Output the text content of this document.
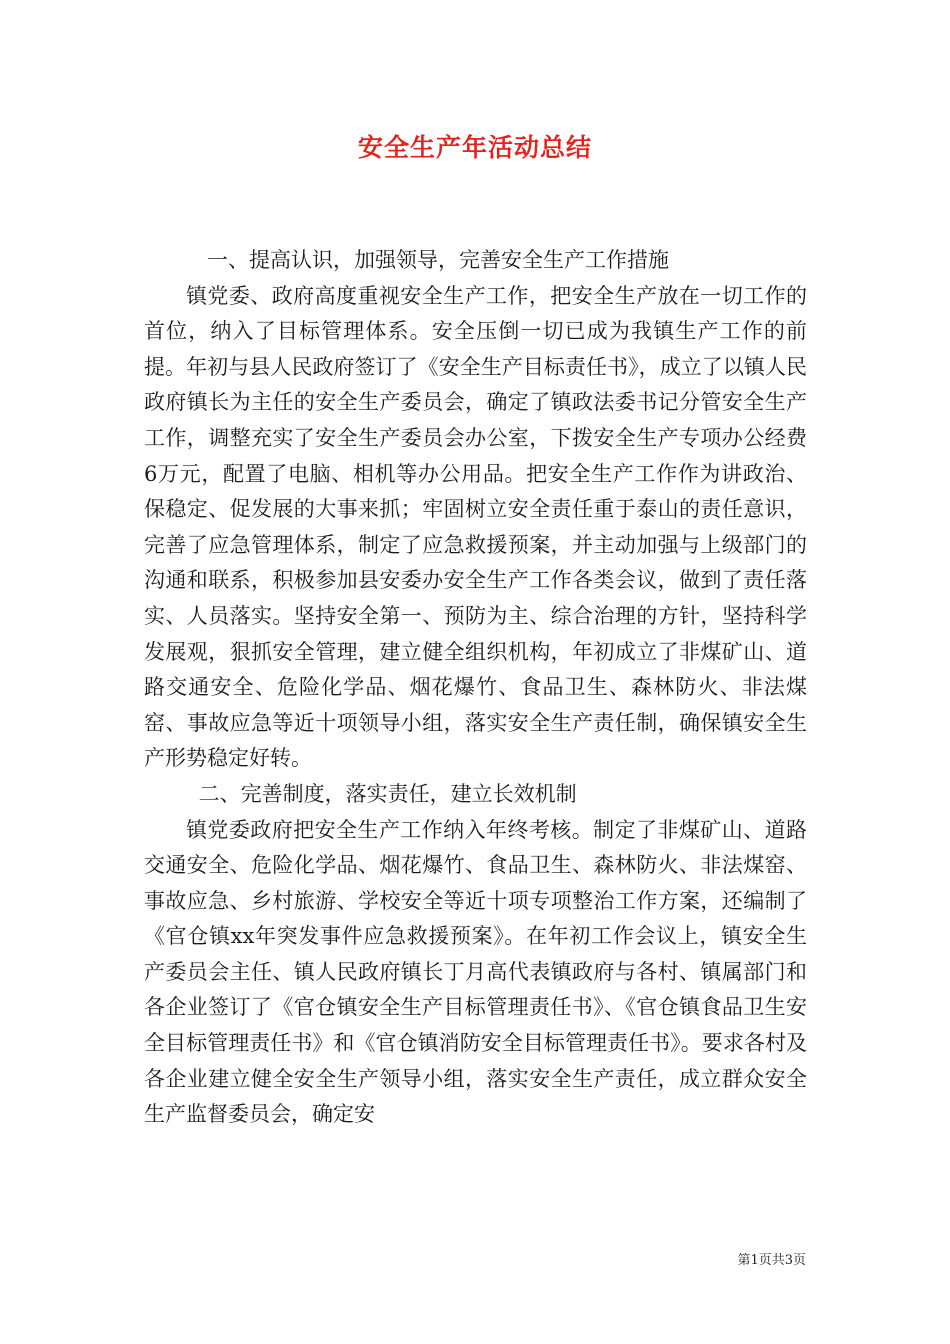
安全生产年活动总结

一、提高认识，加强领导，完善安全生产工作措施

镇党委、政府高度重视安全生产工作，把安全生产放在一切工作的首位，纳入了目标管理体系。安全压倒一切已成为我镇生产工作的前提。年初与县人民政府签订了《安全生产目标责任书》，成立了以镇人民政府镇长为主任的安全生产委员会，确定了镇政法委书记分管安全生产工作，调整充实了安全生产委员会办公室，下拨安全生产专项办公经费6万元，配置了电脑、相机等办公用品。把安全生产工作作为讲政治、保稳定、促发展的大事来抓；牢固树立安全责任重于泰山的责任意识，完善了应急管理体系，制定了应急救援预案，并主动加强与上级部门的沟通和联系，积极参加县安委办安全生产工作各类会议，做到了责任落实、人员落实。坚持安全第一、预防为主、综合治理的方针，坚持科学发展观，狠抓安全管理，建立健全组织机构，年初成立了非煤矿山、道路交通安全、危险化学品、烟花爆竹、食品卫生、森林防火、非法煤窑、事故应急等近十项领导小组，落实安全生产责任制，确保镇安全生产形势稳定好转。

二、完善制度，落实责任，建立长效机制

镇党委政府把安全生产工作纳入年终考核。制定了非煤矿山、道路交通安全、危险化学品、烟花爆竹、食品卫生、森林防火、非法煤窑、事故应急、乡村旅游、学校安全等近十项专项整治工作方案，还编制了《官仓镇xx年突发事件应急救援预案》。在年初工作会议上，镇安全生产委员会主任、镇人民政府镇长丁月高代表镇政府与各村、镇属部门和各企业签订了《官仓镇安全生产目标管理责任书》、《官仓镇食品卫生安全目标管理责任书》和《官仓镇消防安全目标管理责任书》。要求各村及各企业建立健全安全生产领导小组，落实安全生产责任，成立群众安全生产监督委员会，确定安

第1页共3页
